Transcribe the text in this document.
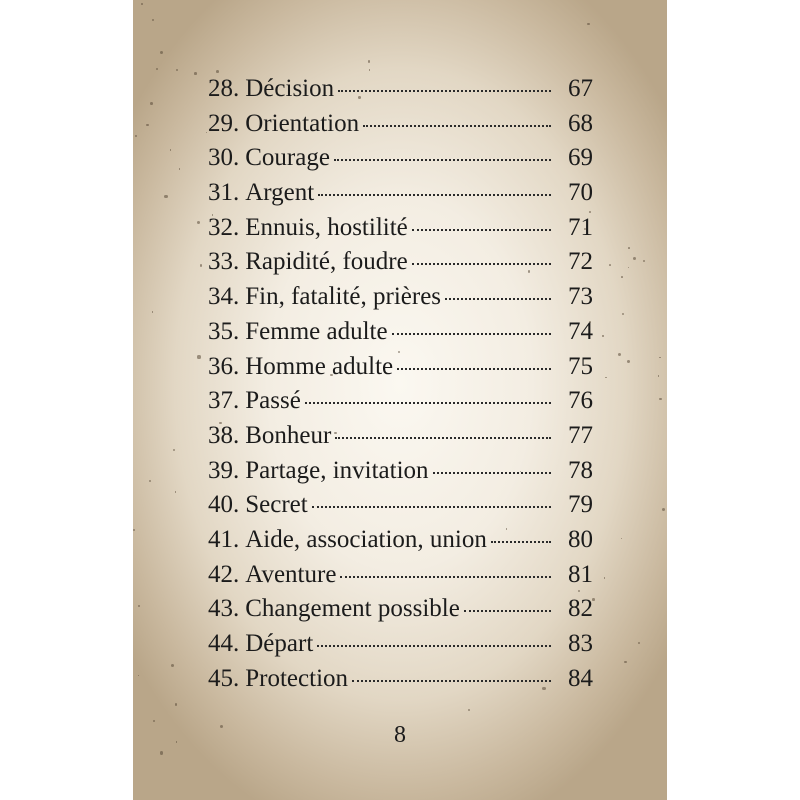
28. Décision	67
29. Orientation	68
30. Courage	69
31. Argent	70
32. Ennuis, hostilité	71
33. Rapidité, foudre	72
34. Fin, fatalité, prières	73
35. Femme adulte	74
36. Homme adulte	75
37. Passé	76
38. Bonheur	77
39. Partage, invitation	78
40. Secret	79
41. Aide, association, union	80
42. Aventure	81
43. Changement possible	82
44. Départ	83
45. Protection	84
8
